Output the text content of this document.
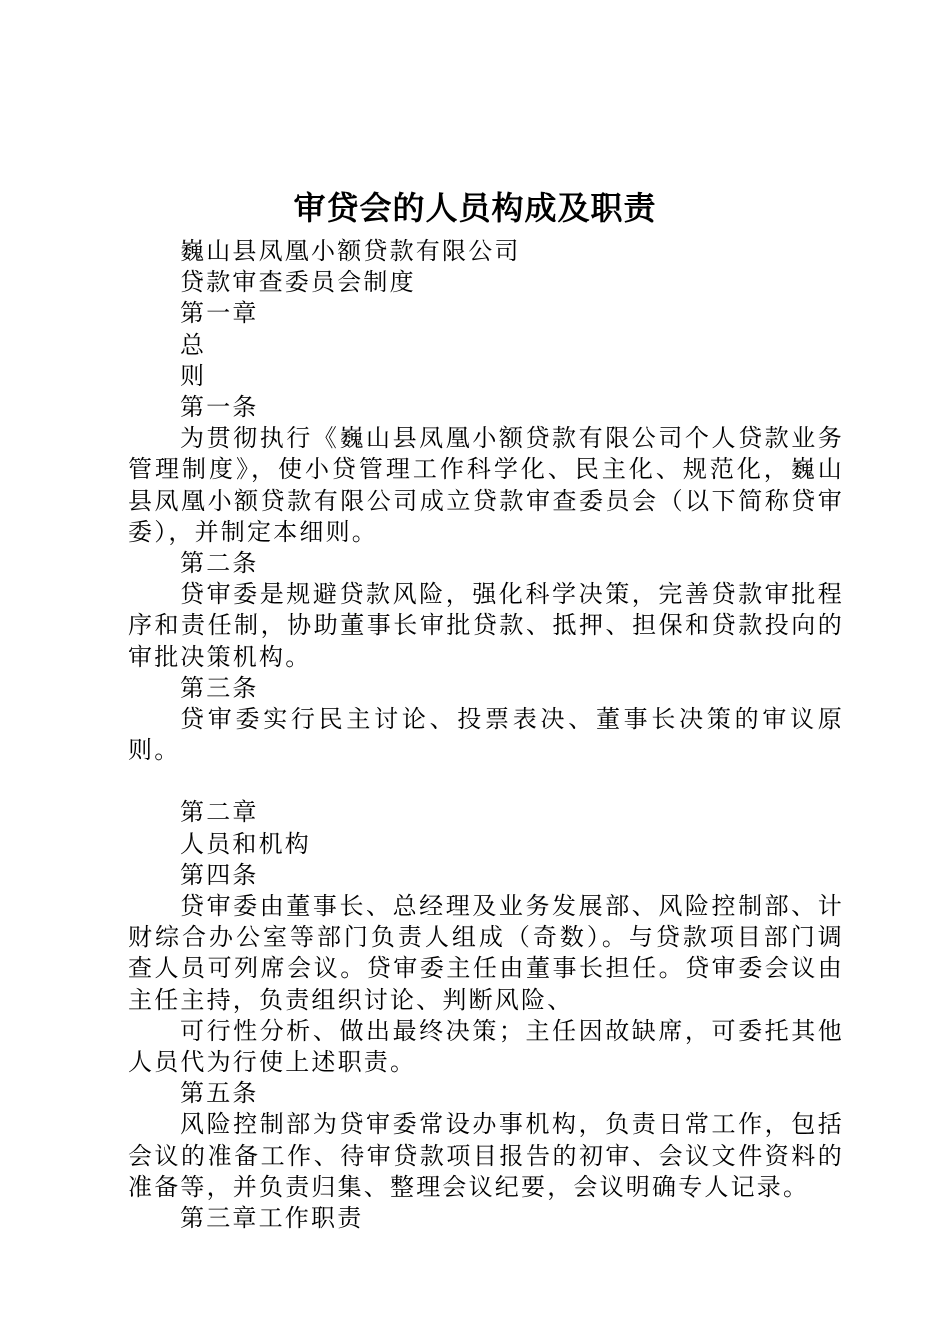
审贷会的人员构成及职责

巍山县凤凰小额贷款有限公司

贷款审查委员会制度

第一章

总

则

第一条

为贯彻执行《巍山县凤凰小额贷款有限公司个人贷款业务管理制度》，使小贷管理工作科学化、民主化、规范化，巍山县凤凰小额贷款有限公司成立贷款审查委员会（以下简称贷审委），并制定本细则。

第二条

贷审委是规避贷款风险，强化科学决策，完善贷款审批程序和责任制，协助董事长审批贷款、抵押、担保和贷款投向的审批决策机构。

第三条

贷审委实行民主讨论、投票表决、董事长决策的审议原则。

第二章

人员和机构

第四条

贷审委由董事长、总经理及业务发展部、风险控制部、计财综合办公室等部门负责人组成（奇数）。与贷款项目部门调查人员可列席会议。贷审委主任由董事长担任。贷审委会议由主任主持，负责组织讨论、判断风险、

可行性分析、做出最终决策；主任因故缺席，可委托其他人员代为行使上述职责。

第五条

风险控制部为贷审委常设办事机构，负责日常工作，包括会议的准备工作、待审贷款项目报告的初审、会议文件资料的准备等，并负责归集、整理会议纪要，会议明确专人记录。

第三章工作职责
